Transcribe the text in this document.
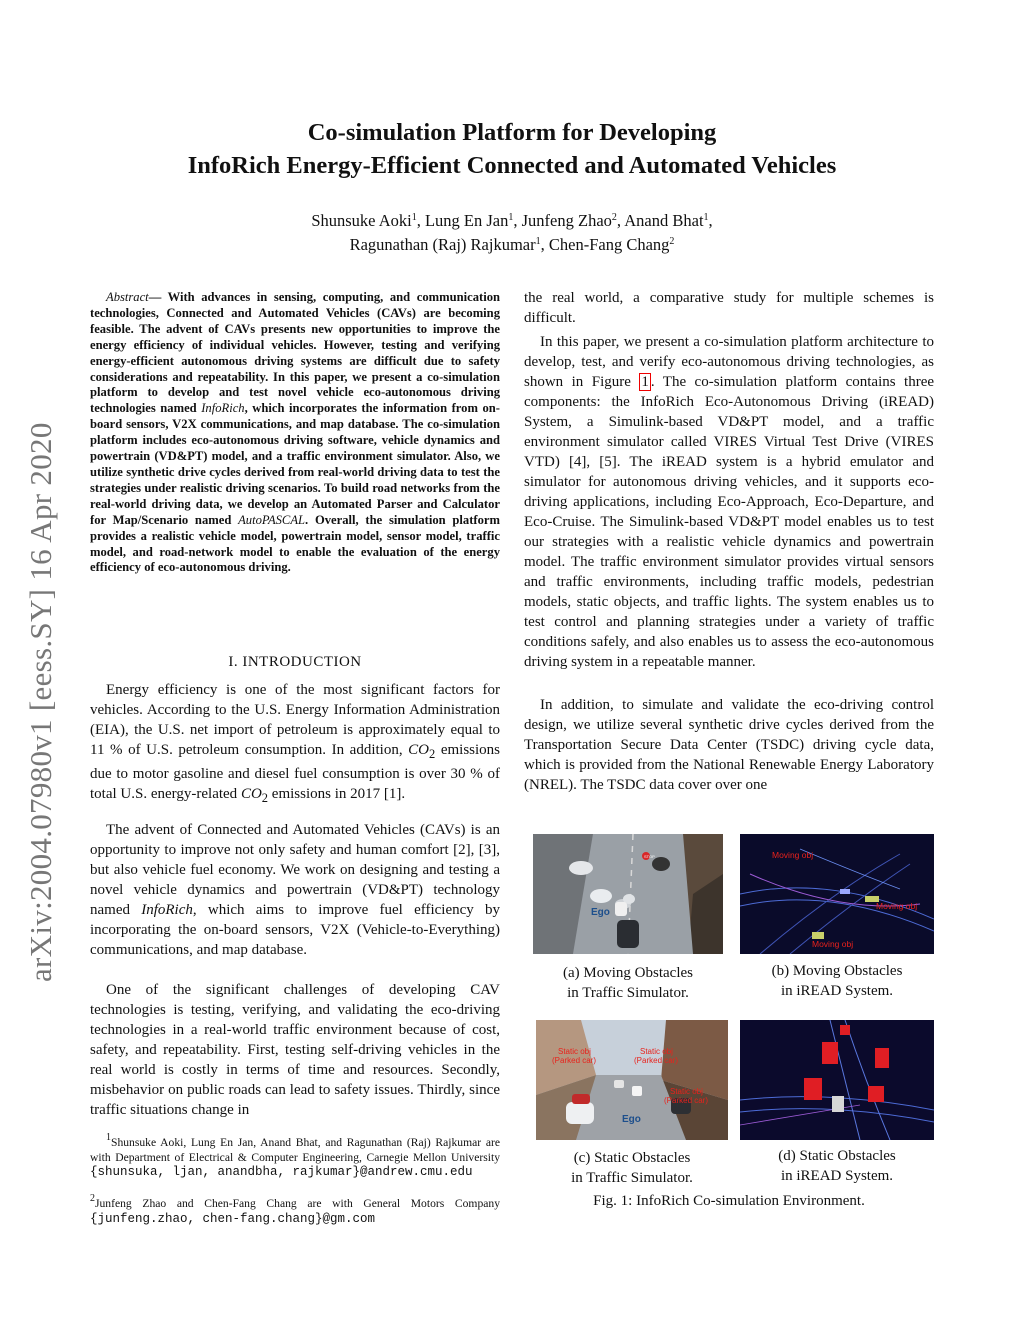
arXiv:2004.07980v1 [eess.SY] 16 Apr 2020
Co-simulation Platform for Developing
InfoRich Energy-Efficient Connected and Automated Vehicles
Shunsuke Aoki$^1$, Lung En Jan$^1$, Junfeng Zhao$^2$, Anand Bhat$^1$,
Ragunathan (Raj) Rajkumar$^1$, Chen-Fang Chang$^2$
Abstract— With advances in sensing, computing, and communication technologies, Connected and Automated Vehicles (CAVs) are becoming feasible. The advent of CAVs presents new opportunities to improve the energy efficiency of individual vehicles. However, testing and verifying energy-efficient autonomous driving systems are difficult due to safety considerations and repeatability. In this paper, we present a co-simulation platform to develop and test novel vehicle eco-autonomous driving technologies named InfoRich, which incorporates the information from on-board sensors, V2X communications, and map database. The co-simulation platform includes eco-autonomous driving software, vehicle dynamics and powertrain (VD&PT) model, and a traffic environment simulator. Also, we utilize synthetic drive cycles derived from real-world driving data to test the strategies under realistic driving scenarios. To build road networks from the real-world driving data, we develop an Automated Parser and Calculator for Map/Scenario named AutoPASCAL. Overall, the simulation platform provides a realistic vehicle model, powertrain model, sensor model, traffic model, and road-network model to enable the evaluation of the energy efficiency of eco-autonomous driving.
I. INTRODUCTION
Energy efficiency is one of the most significant factors for vehicles. According to the U.S. Energy Information Administration (EIA), the U.S. net import of petroleum is approximately equal to 11 % of U.S. petroleum consumption. In addition, $CO_2$ emissions due to motor gasoline and diesel fuel consumption is over 30 % of total U.S. energy-related $CO_2$ emissions in 2017 [1].
The advent of Connected and Automated Vehicles (CAVs) is an opportunity to improve not only safety and human comfort [2], [3], but also vehicle fuel economy. We work on designing and testing a novel vehicle dynamics and powertrain (VD&PT) technology named InfoRich, which aims to improve fuel efficiency by incorporating the on-board sensors, V2X (Vehicle-to-Everything) communications, and map database.
One of the significant challenges of developing CAV technologies is testing, verifying, and validating the eco-driving technologies in a real-world traffic environment because of cost, safety, and repeatability. First, testing self-driving vehicles in the real world is costly in terms of time and resources. Secondly, misbehavior on public roads can lead to safety issues. Thirdly, since traffic situations change in
$^1$Shunsuke Aoki, Lung En Jan, Anand Bhat, and Ragunathan (Raj) Rajkumar are with Department of Electrical & Computer Engineering, Carnegie Mellon University {shunsuka, ljan, anandbha, rajkumar}@andrew.cmu.edu
$^2$Junfeng Zhao and Chen-Fang Chang are with General Motors Company {junfeng.zhao, chen-fang.chang}@gm.com
the real world, a comparative study for multiple schemes is difficult.
In this paper, we present a co-simulation platform architecture to develop, test, and verify eco-autonomous driving technologies, as shown in Figure 1 . The co-simulation platform contains three components: the InfoRich Eco-Autonomous Driving (iREAD) System, a Simulink-based VD&PT model, and a traffic environment simulator called VIRES Virtual Test Drive (VIRES VTD) [4], [5]. The iREAD system is a hybrid emulator and simulator for autonomous driving vehicles, and it supports eco-driving applications, including Eco-Approach, Eco-Departure, and Eco-Cruise. The Simulink-based VD&PT model enables us to test our strategies with a realistic vehicle dynamics and powertrain model. The traffic environment simulator provides virtual sensors and traffic environments, including traffic models, pedestrian models, static objects, and traffic lights. The system enables us to test control and planning strategies under a variety of traffic conditions safely, and also enables us to assess the eco-autonomous driving system in a repeatable manner.
In addition, to simulate and validate the eco-driving control design, we utilize several synthetic drive cycles derived from the Transportation Secure Data Center (TSDC) driving cycle data, which is provided from the National Renewable Energy Laboratory (NREL). The TSDC data cover over one
STOP
Ego
Moving obj
Moving obj
Moving obj
(a) Moving Obstacles
in Traffic Simulator.
(b) Moving Obstacles
in iREAD System.
Static obj
(Parked car)
Static obj
(Parked car)
Static obj
(Parked car)
Ego
(c) Static Obstacles
in Traffic Simulator.
(d) Static Obstacles
in iREAD System.
Fig. 1: InfoRich Co-simulation Environment.
